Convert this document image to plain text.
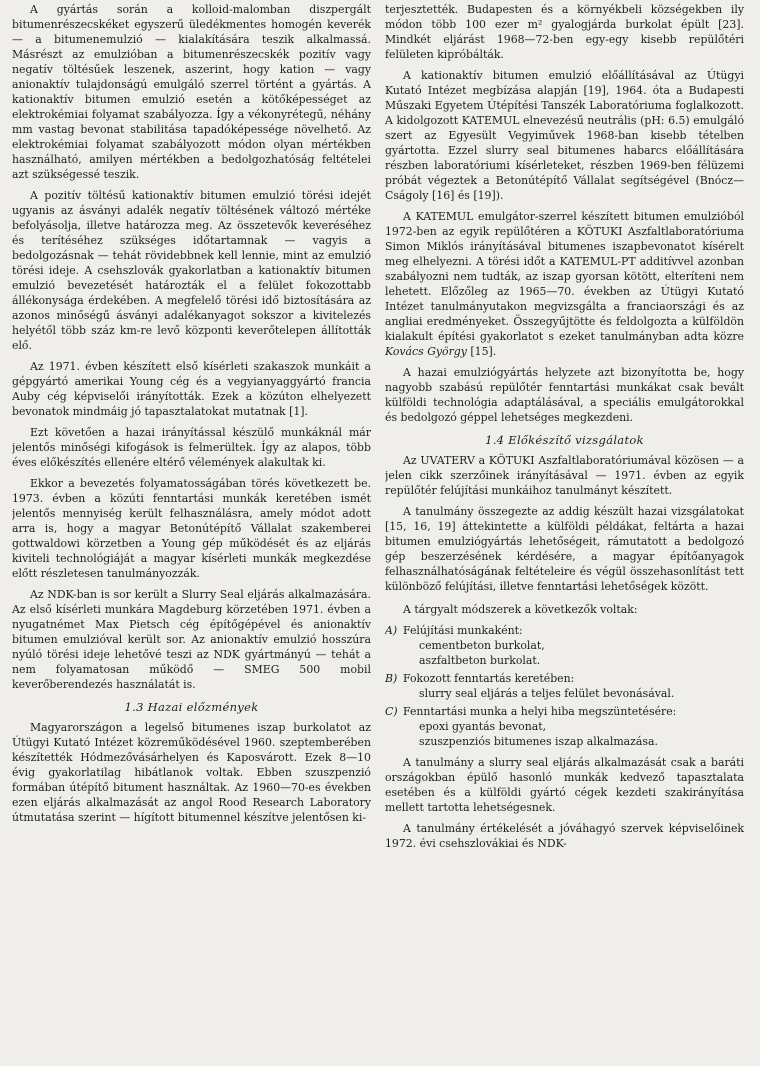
A gyártás során a kolloid-malomban diszpergált bitumenrészecskéket egyszerű üledékmentes homogén keverék — a bitumenemulzió — kialakítására teszik alkalmassá. Másrészt az emulzióban a bitumenrészecskék pozitív vagy negatív töltésűek leszenek, aszerint, hogy kation — vagy anionaktív tulajdonságú emulgáló szerrel történt a gyártás. A kationaktív bitumen emulzió esetén a kötőképességet az elektrokémiai folyamat szabályozza. Így a vékonyrétegű, néhány mm vastag bevonat stabilitása tapadóképessége növelhető. Az elektrokémiai folyamat szabályozott módon olyan mértékben használható, amilyen mértékben a bedolgozhatóság feltételei azt szükségessé teszik.

A pozitív töltésű kationaktív bitumen emulzió törési idejét ugyanis az ásványi adalék negatív töltésének változó mértéke befolyásolja, illetve határozza meg. Az összetevők keveréséhez és terítéséhez szükséges időtartamnak — vagyis a bedolgozásnak — tehát rövidebbnek kell lennie, mint az emulzió törési ideje. A csehszlovák gyakorlatban a kationaktív bitumen emulzió bevezetését határozták el a felület fokozottabb állékonysága érdekében. A megfelelő törési idő biztosítására az azonos minőségű ásványi adalékanyagot sokszor a kivitelezés helyétől több száz km-re levő központi keverőtelepen állították elő.

Az 1971. évben készített első kísérleti szakaszok munkáit a gépgyártó amerikai Young cég és a vegyianyaggyártó francia Auby cég képviselői irányították. Ezek a közúton elhelyezett bevonatok mindmáig jó tapasztalatokat mutatnak [1].

Ezt követően a hazai irányítással készülő munkáknál már jelentős minőségi kifogások is felmerültek. Így az alapos, több éves előkészítés ellenére eltérő vélemények alakultak ki.

Ekkor a bevezetés folyamatosságában törés következett be. 1973. évben a közúti fenntartási munkák keretében ismét jelentős mennyiség került felhasználásra, amely módot adott arra is, hogy a magyar Betonútépítő Vállalat szakemberei gottwaldowi körzetben a Young gép működését és az eljárás kiviteli technológiáját a magyar kísérleti munkák megkezdése előtt részletesen tanulmányozzák.

Az NDK-ban is sor került a Slurry Seal eljárás alkalmazására. Az első kísérleti munkára Magdeburg körzetében 1971. évben a nyugatnémet Max Pietsch cég építőgépével és anionaktív bitumen emulzióval került sor. Az anionaktív emulzió hosszúra nyúló törési ideje lehetővé teszi az NDK gyártmányú — tehát a nem folyamatosan működő — SMEG 500 mobil keverőberendezés használatát is.

1.3 Hazai előzmények

Magyarországon a legelső bitumenes iszap burkolatot az Útügyi Kutató Intézet közreműködésével 1960. szeptemberében készítették Hódmezővásárhelyen és Kaposvárott. Ezek 8—10 évig gyakorlatilag hibátlanok voltak. Ebben szuszpenzió formában útépítő bitument használtak. Az 1960—70-es években ezen eljárás alkalmazását az angol Rood Research Laboratory útmutatása szerint — hígított bitumennel készítve jelentősen ki-

terjesztették. Budapesten és a környékbeli községekben ily módon több 100 ezer m² gyalogjárda burkolat épült [23]. Mindkét eljárást 1968—72-ben egy-egy kisebb repülőtéri felületen kipróbálták.

A kationaktív bitumen emulzió előállításával az Útügyi Kutató Intézet megbízása alapján [19], 1964. óta a Budapesti Műszaki Egyetem Útépítési Tanszék Laboratóriuma foglalkozott. A kidolgozott KATEMUL elnevezésű neutrális (pH: 6.5) emulgáló szert az Egyesült Vegyiművek 1968-ban kisebb tételben gyártotta. Ezzel slurry seal bitumenes habarcs előállítására részben laboratóriumi kísérleteket, részben 1969-ben félüzemi próbát végeztek a Betonútépítő Vállalat segítségével (Bnócz—Cságoly [16] és [19]).

A KATEMUL emulgátor-szerrel készített bitumen emulzióból 1972-ben az egyik repülőtéren a KÖTUKI Aszfaltlaboratóriuma Simon Miklós irányításával bitumenes iszapbevonatot kísérelt meg elhelyezni. A törési időt a KATEMUL-PT additívvel azonban szabályozni nem tudták, az iszap gyorsan kötött, elteríteni nem lehetett. Előzőleg az 1965—70. években az Útügyi Kutató Intézet tanulmányutakon megvizsgálta a franciaországi és az angliai eredményeket. Összegyűjtötte és feldolgozta a külföldön kialakult építési gyakorlatot s ezeket tanulmányban adta közre Kovács György [15].

A hazai emulziógyártás helyzete azt bizonyította be, hogy nagyobb szabású repülőtér fenntartási munkákat csak bevált külföldi technológia adaptálásával, a speciális emulgátorokkal és bedolgozó géppel lehetséges megkezdeni.

1.4 Előkészítő vizsgálatok

Az UVATERV a KÖTUKI Aszfaltlaboratóriumával közösen — a jelen cikk szerzőinek irányításával — 1971. évben az egyik repülőtér felújítási munkáihoz tanulmányt készített.

A tanulmány összegezte az addig készült hazai vizsgálatokat [15, 16, 19] áttekintette a külföldi példákat, feltárta a hazai bitumen emulziógyártás lehetőségeit, rámutatott a bedolgozó gép beszerzésének kérdésére, a magyar építőanyagok felhasználhatóságának feltételeire és végül összehasonlítást tett különböző felújítási, illetve fenntartási lehetőségek között.

A tárgyalt módszerek a következők voltak:

A) Felújítási munkaként:
cementbeton burkolat,
aszfaltbeton burkolat.
B) Fokozott fenntartás keretében:
slurry seal eljárás a teljes felület bevonásával.
C) Fenntartási munka a helyi hiba megszüntetésére:
epoxi gyantás bevonat,
szuszpenziós bitumenes iszap alkalmazása.

A tanulmány a slurry seal eljárás alkalmazását csak a baráti országokban épülő hasonló munkák kedvező tapasztalata esetében és a külföldi gyártó cégek kezdeti szakirányítása mellett tartotta lehetségesnek.

A tanulmány értékelését a jóváhagyó szervek képviselőinek 1972. évi csehszlovákiai és NDK-
